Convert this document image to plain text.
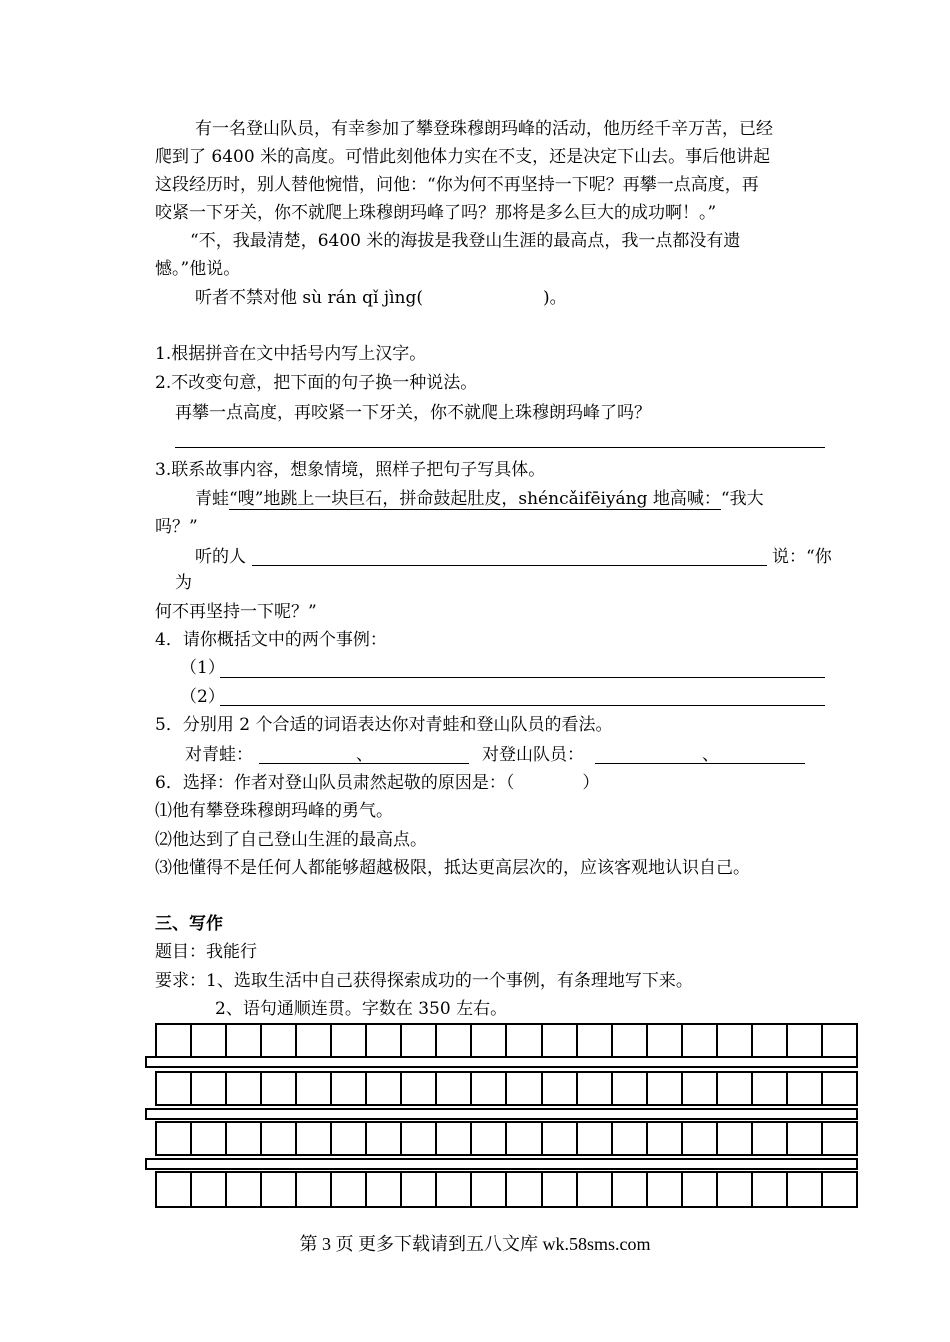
有一名登山队员，有幸参加了攀登珠穆朗玛峰的活动，他历经千辛万苦，已经
爬到了 6400 米的高度。可惜此刻他体力实在不支，还是决定下山去。事后他讲起
这段经历时，别人替他惋惜，问他：“你为何不再坚持一下呢？再攀一点高度，再
咬紧一下牙关，你不就爬上珠穆朗玛峰了吗？那将是多么巨大的成功啊！。”
“不，我最清楚，6400 米的海拔是我登山生涯的最高点，我一点都没有遗
憾。”他说。
听者不禁对他 sù rán qǐ jìng(	)。
1.根据拼音在文中括号内写上汉字。
2.不改变句意，把下面的句子换一种说法。
再攀一点高度，再咬紧一下牙关，你不就爬上珠穆朗玛峰了吗？
3.联系故事内容，想象情境，照样子把句子写具体。
青蛙“嗖”地跳上一块巨石，拼命鼓起肚皮，shéncǎifēiyáng 地高喊：“我大
吗？”
听的人	说：“你
为
何不再坚持一下呢？”
4．请你概括文中的两个事例：
（1）
（2）
5．分别用 2 个合适的词语表达你对青蛙和登山队员的看法。
对青蛙：	、	对登山队员：	、
6．选择：作者对登山队员肃然起敬的原因是：（　　　　）
⑴他有攀登珠穆朗玛峰的勇气。
⑵他达到了自己登山生涯的最高点。
⑶他懂得不是任何人都能够超越极限，抵达更高层次的，应该客观地认识自己。
三、写作
题目：我能行
要求：1、选取生活中自己获得探索成功的一个事例，有条理地写下来。
2、语句通顺连贯。字数在 350 左右。
第 3 页 更多下载请到五八文库 wk.58sms.com
